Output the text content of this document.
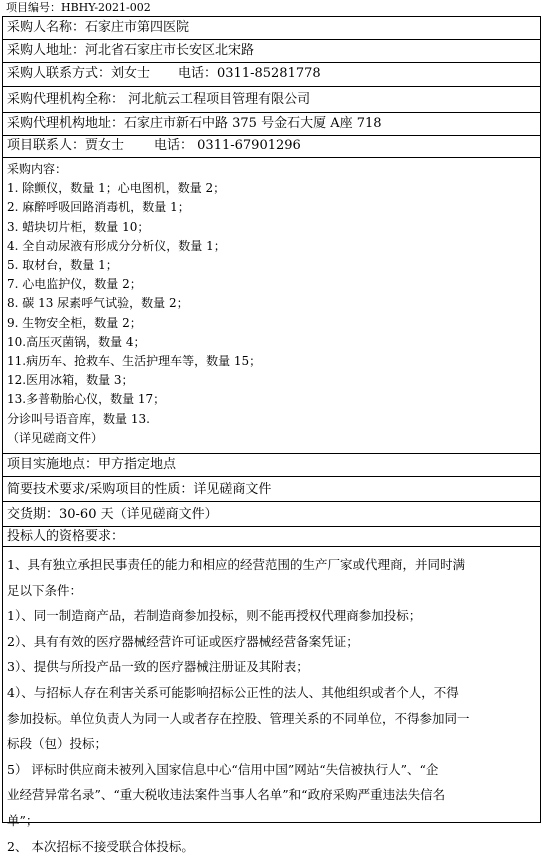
项目编号：HBHY-2021-002
采购人名称：石家庄市第四医院
采购人地址：河北省石家庄市长安区北宋路
采购人联系方式：刘女士 电话：0311-85281778
采购代理机构全称： 河北航云工程项目管理有限公司
采购代理机构地址：石家庄市新石中路 375 号金石大厦 A座 718
项目联系人：贾女士 电话： 0311-67901296
采购内容：
1. 除颤仪，数量 1；心电图机，数量 2；
2. 麻醉呼吸回路消毒机，数量 1；
3. 蜡块切片柜，数量 10；
4. 全自动尿液有形成分分析仪，数量 1；
5. 取材台，数量 1；
7. 心电监护仪，数量 2；
8. 碳 13 尿素呼气试验，数量 2；
9. 生物安全柜，数量 2；
10.高压灭菌锅，数量 4；
11.病历车、抢救车、生活护理车等，数量 15；
12.医用冰箱，数量 3；
13.多普勒胎心仪，数量 17；
分诊叫号语音库，数量 13.
（详见磋商文件）
项目实施地点：甲方指定地点
简要技术要求/采购项目的性质：详见磋商文件
交货期：30-60 天（详见磋商文件）
投标人的资格要求：
1、具有独立承担民事责任的能力和相应的经营范围的生产厂家或代理商，并同时满
足以下条件：
1）、同一制造商产品，若制造商参加投标，则不能再授权代理商参加投标；
2）、具有有效的医疗器械经营许可证或医疗器械经营备案凭证；
3）、提供与所投产品一致的医疗器械注册证及其附表；
4）、与招标人存在利害关系可能影响招标公正性的法人、其他组织或者个人，不得
参加投标。单位负责人为同一人或者存在控股、管理关系的不同单位，不得参加同一
标段（包）投标；
5） 评标时供应商未被列入国家信息中心“信用中国”网站“失信被执行人”、“企
业经营异常名录”、“重大税收违法案件当事人名单”和“政府采购严重违法失信名
单”；
2、 本次招标不接受联合体投标。
